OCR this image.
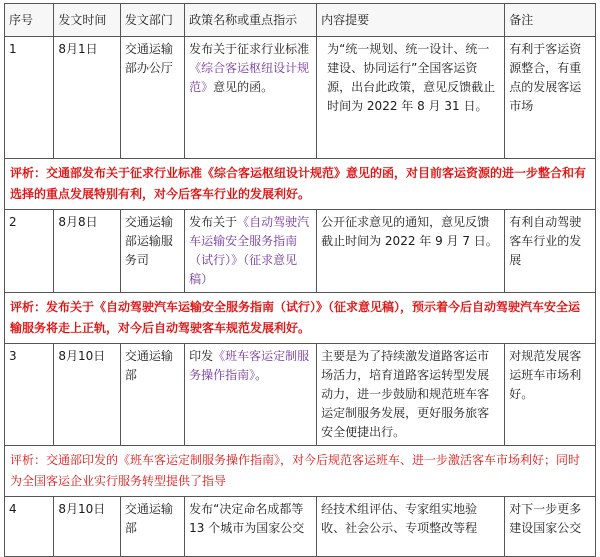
序号	发文时间	发文部门	政策名称或重点指示	内容提要	备注
1	8月1日	交通运输部办公厅	发布关于征求行业标准《综合客运枢纽设计规范》意见的函。	为“统一规划、统一设计、统一建设、协同运行”全国客运资源，出台此政策，意见反馈截止时间为 2022 年 8 月 31 日。	有利于客运资源整合，有重点的发展客运市场
评析：交通部发布关于征求行业标准《综合客运枢纽设计规范》意见的函，对目前客运资源的进一步整合和有选择的重点发展特别有利，对今后客车行业的发展利好。					
2	8月8日	交通运输部运输服务司	发布关于《自动驾驶汽车运输安全服务指南（试行）》（征求意见稿）	公开征求意见的通知，意见反馈截止时间为 2022 年 9 月 7 日。	有利自动驾驶客车行业的发展
评析：发布关于《自动驾驶汽车运输安全服务指南（试行）》（征求意见稿），预示着今后自动驾驶汽车安全运输服务将走上正轨，对今后自动驾驶客车规范发展利好。					
3	8月10日	交通运输部	印发《班车客运定制服务操作指南》。	主要是为了持续激发道路客运市场活力，培育道路客运转型发展动力，进一步鼓励和规范班车客运定制服务发展，更好服务旅客安全便捷出行。	对规范发展客运班车市场利好。
评析：交通部印发的《班车客运定制服务操作指南》，对今后规范客运班车、进一步激活客车市场利好；同时为全国客运企业实行服务转型提供了指导					
4	8月10日	交通运输部	发布“决定命名成都等 13 个城市为国家公交	经技术组评估、专家组实地验收、社会公示、专项整改等程	对下一步更多建设国家公交
